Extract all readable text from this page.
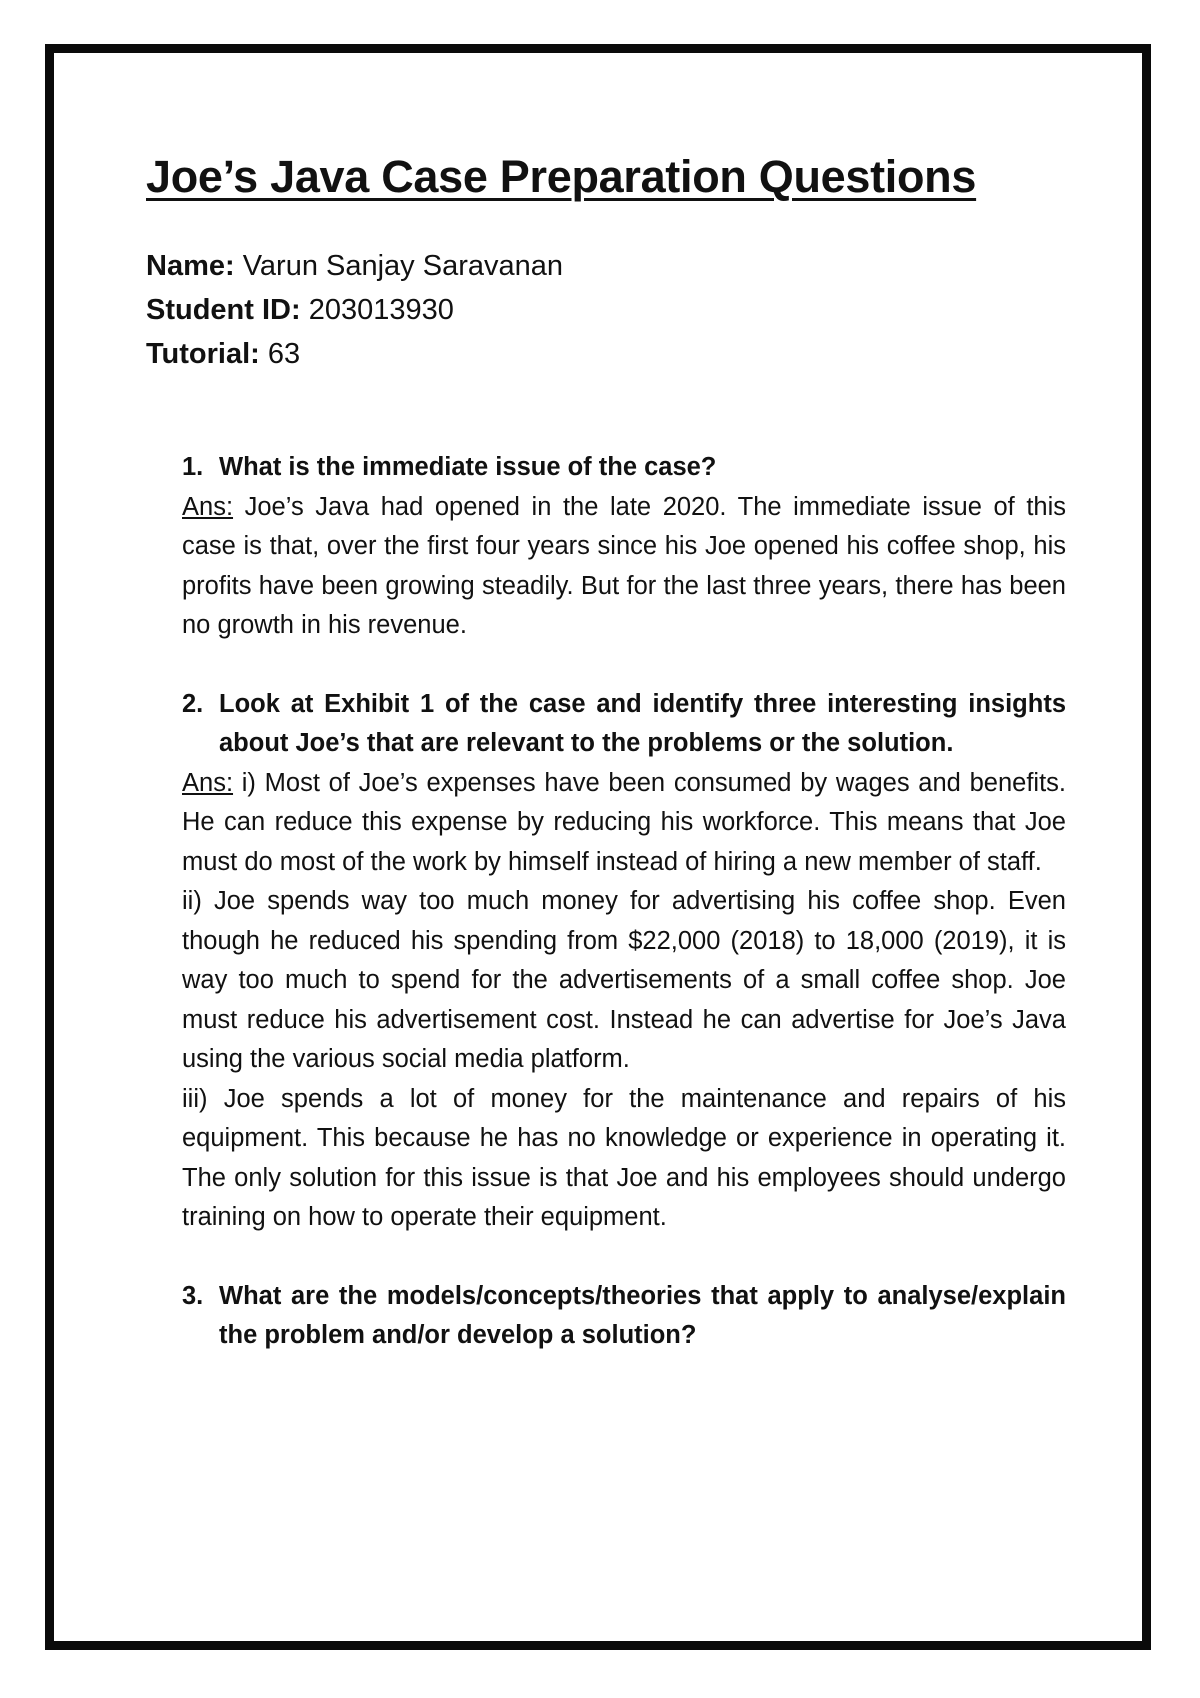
Joe’s Java Case Preparation Questions
Name: Varun Sanjay Saravanan
Student ID: 203013930
Tutorial: 63
1. What is the immediate issue of the case?

Ans: Joe’s Java had opened in the late 2020. The immediate issue of this case is that, over the first four years since his Joe opened his coffee shop, his profits have been growing steadily. But for the last three years, there has been no growth in his revenue.

2. Look at Exhibit 1 of the case and identify three interesting insights about Joe’s that are relevant to the problems or the solution.

Ans: i) Most of Joe’s expenses have been consumed by wages and benefits. He can reduce this expense by reducing his workforce. This means that Joe must do most of the work by himself instead of hiring a new member of staff.

ii) Joe spends way too much money for advertising his coffee shop. Even though he reduced his spending from $22,000 (2018) to 18,000 (2019), it is way too much to spend for the advertisements of a small coffee shop. Joe must reduce his advertisement cost. Instead he can advertise for Joe’s Java using the various social media platform.

iii) Joe spends a lot of money for the maintenance and repairs of his equipment. This because he has no knowledge or experience in operating it. The only solution for this issue is that Joe and his employees should undergo training on how to operate their equipment.

3. What are the models/concepts/theories that apply to analyse/explain the problem and/or develop a solution?
